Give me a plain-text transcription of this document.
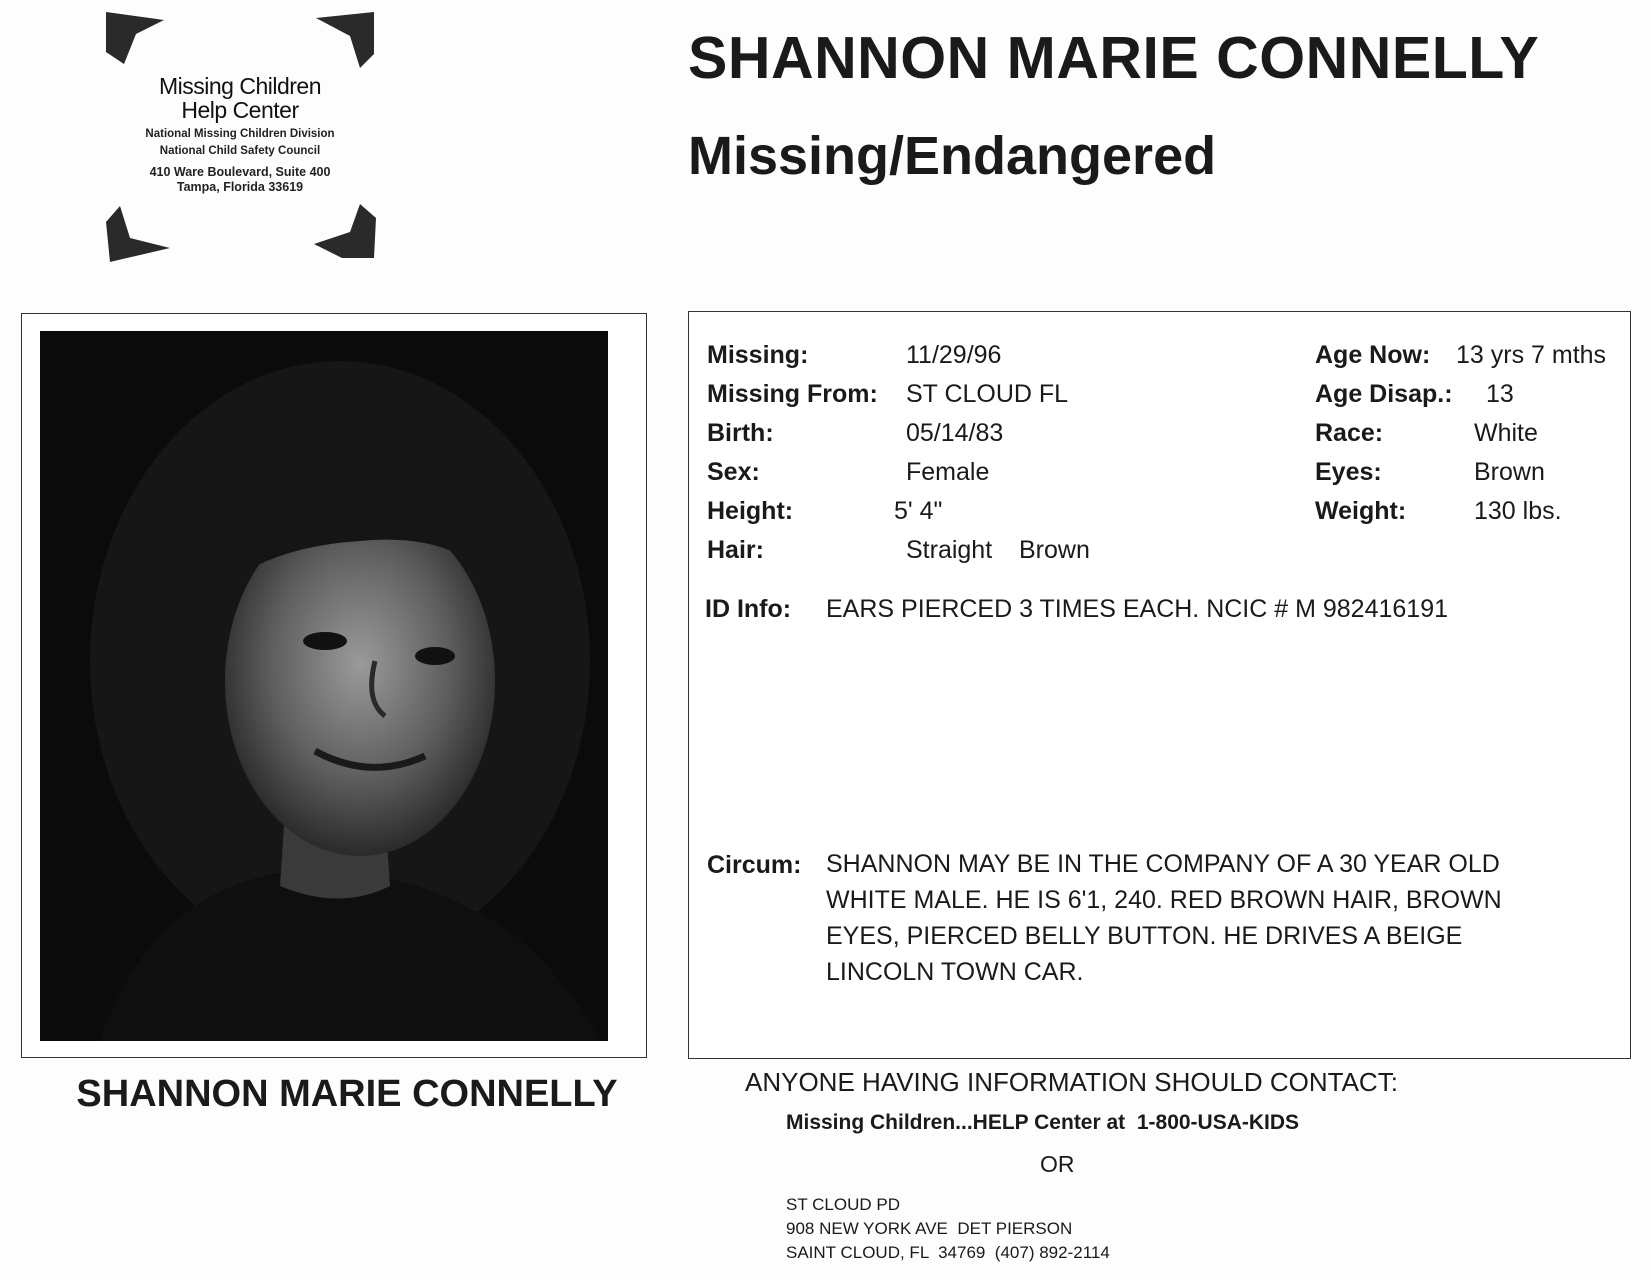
Missing Children
Help Center
National Missing Children Division
National Child Safety Council
410 Ware Boulevard, Suite 400
Tampa, Florida 33619
SHANNON MARIE CONNELLY
Missing/Endangered
SHANNON MARIE CONNELLY
Missing:	11/29/96
Missing From: ST CLOUD FL
Birth:	05/14/83
Sex:	Female
Height:	5' 4"
Hair:	Straight Brown
Age Now: 13 yrs 7 mths
Age Disap.: 13
Race:	White
Eyes:	Brown
Weight:	130 lbs.
ID Info: EARS PIERCED 3 TIMES EACH. NCIC # M 982416191
Circum: SHANNON MAY BE IN THE COMPANY OF A 30 YEAR OLD WHITE MALE. HE IS 6'1, 240. RED BROWN HAIR, BROWN EYES, PIERCED BELLY BUTTON. HE DRIVES A BEIGE LINCOLN TOWN CAR.
ANYONE HAVING INFORMATION SHOULD CONTACT:
Missing Children...HELP Center at  1-800-USA-KIDS
OR
ST CLOUD PD
908 NEW YORK AVE  DET PIERSON
SAINT CLOUD, FL  34769  (407) 892-2114
